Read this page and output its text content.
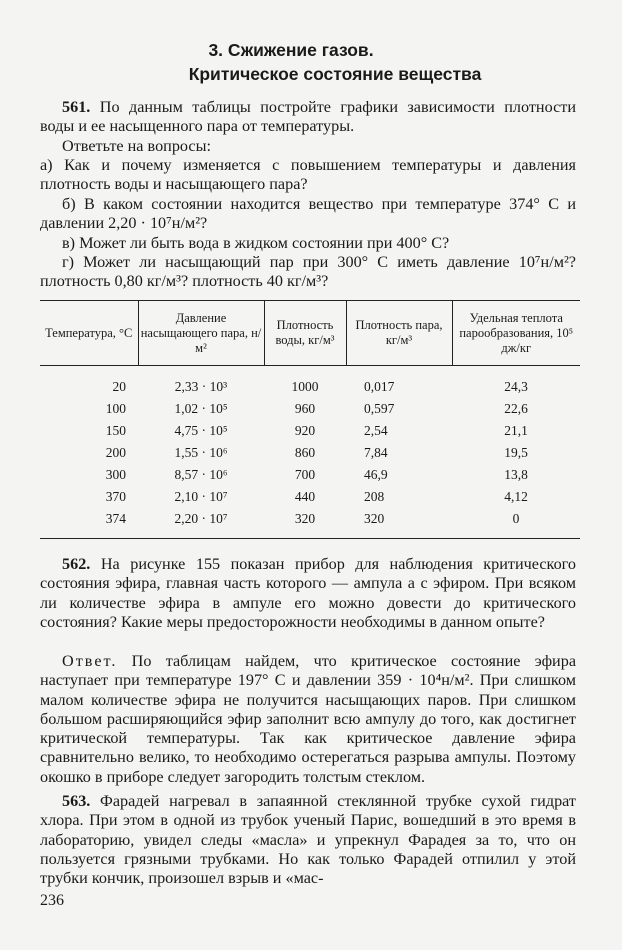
3. Сжижение газов.
Критическое состояние вещества
561. По данным таблицы постройте графики зависимости плотности воды и ее насыщенного пара от температуры.
Ответьте на вопросы:
а) Как и почему изменяется с повышением температуры и давления плотность воды и насыщающего пара?
б) В каком состоянии находится вещество при температуре 374° С и давлении 2,20 · 10⁷н/м²?
в) Может ли быть вода в жидком состоянии при 400° С?
г) Может ли насыщающий пар при 300° С иметь давление 10⁷н/м²? плотность 0,80 кг/м³? плотность 40 кг/м³?
Температура, °С	Давление насыщающего пара, н/м²	Плотность воды, кг/м³	Плотность пара, кг/м³	Удельная теплота парообразования, 10⁵ дж/кг
20	2,33 · 10³	1000	0,017	24,3
100	1,02 · 10⁵	960	0,597	22,6
150	4,75 · 10⁵	920	2,54	21,1
200	1,55 · 10⁶	860	7,84	19,5
300	8,57 · 10⁶	700	46,9	13,8
370	2,10 · 10⁷	440	208	4,12
374	2,20 · 10⁷	320	320	0
562. На рисунке 155 показан прибор для наблюдения критического состояния эфира, главная часть которого — ампула a с эфиром. При всяком ли количестве эфира в ампуле его можно довести до критического состояния? Какие меры предосторожности необходимы в данном опыте?
Ответ. По таблицам найдем, что критическое состояние эфира наступает при температуре 197° С и давлении 359 · 10⁴н/м². При слишком малом количестве эфира не получится насыщающих паров. При слишком большом расширяющийся эфир заполнит всю ампулу до того, как достигнет критической температуры. Так как критическое давление эфира сравнительно велико, то необходимо остерегаться разрыва ампулы. Поэтому окошко в приборе следует загородить толстым стеклом.
563. Фарадей нагревал в запаянной стеклянной трубке сухой гидрат хлора. При этом в одной из трубок ученый Парис, вошедший в это время в лабораторию, увидел следы «масла» и упрекнул Фарадея за то, что он пользуется грязными трубками. Но как только Фарадей отпилил у этой трубки кончик, произошел взрыв и «мас-
236
